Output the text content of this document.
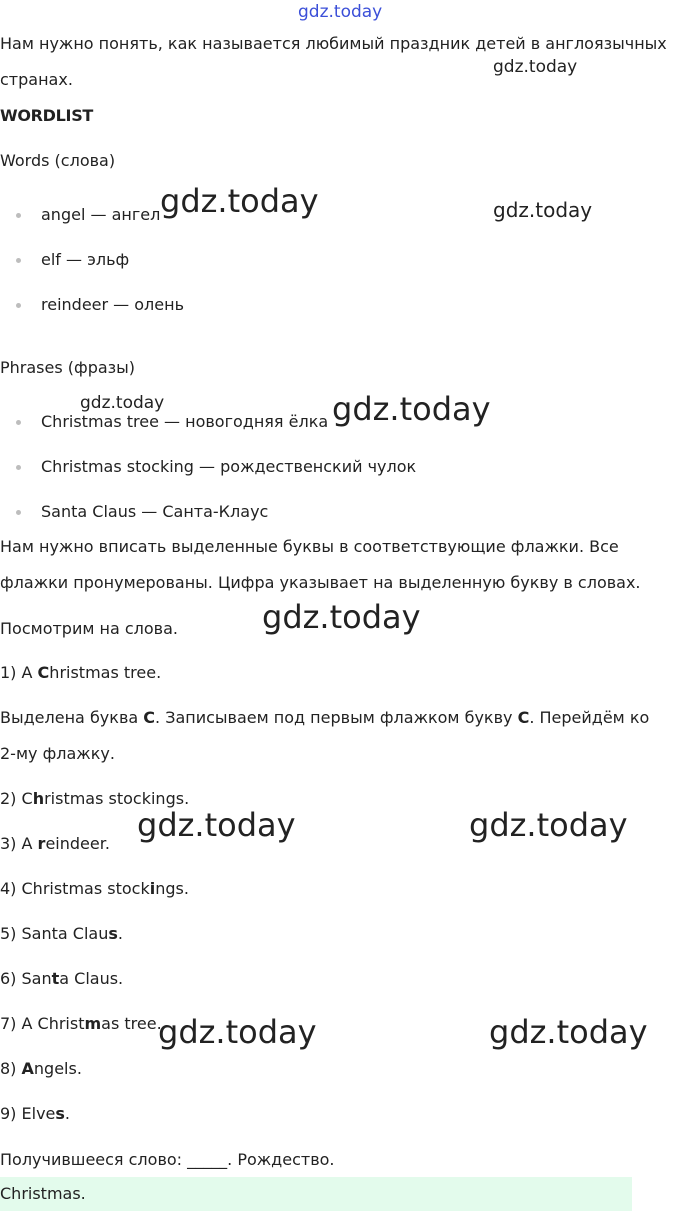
gdz.today
gdz.today
gdz.today	gdz.today
gdz.today	gdz.today
gdz.today
gdz.today	gdz.today
gdz.today	gdz.today
Нам нужно понять, как называется любимый праздник детей в англоязычных странах.
WORDLIST
Words (слова)
angel — ангел
elf — эльф
reindeer — олень
Phrases (фразы)
Christmas tree — новогодняя ёлка
Christmas stocking — рождественский чулок
Santa Claus — Санта-Клаус
Нам нужно вписать выделенные буквы в соответствующие флажки. Все флажки пронумерованы. Цифра указывает на выделенную букву в словах.
Посмотрим на слова.
1) A Christmas tree.
Выделена буква C. Записываем под первым флажком букву C. Перейдём ко 2-му флажку.
2) Christmas stockings.
3) A reindeer.
4) Christmas stockings.
5) Santa Claus.
6) Santa Claus.
7) A Christmas tree.
8) Angels.
9) Elves.
Получившееся слово: _____. Рождество.
Christmas.
